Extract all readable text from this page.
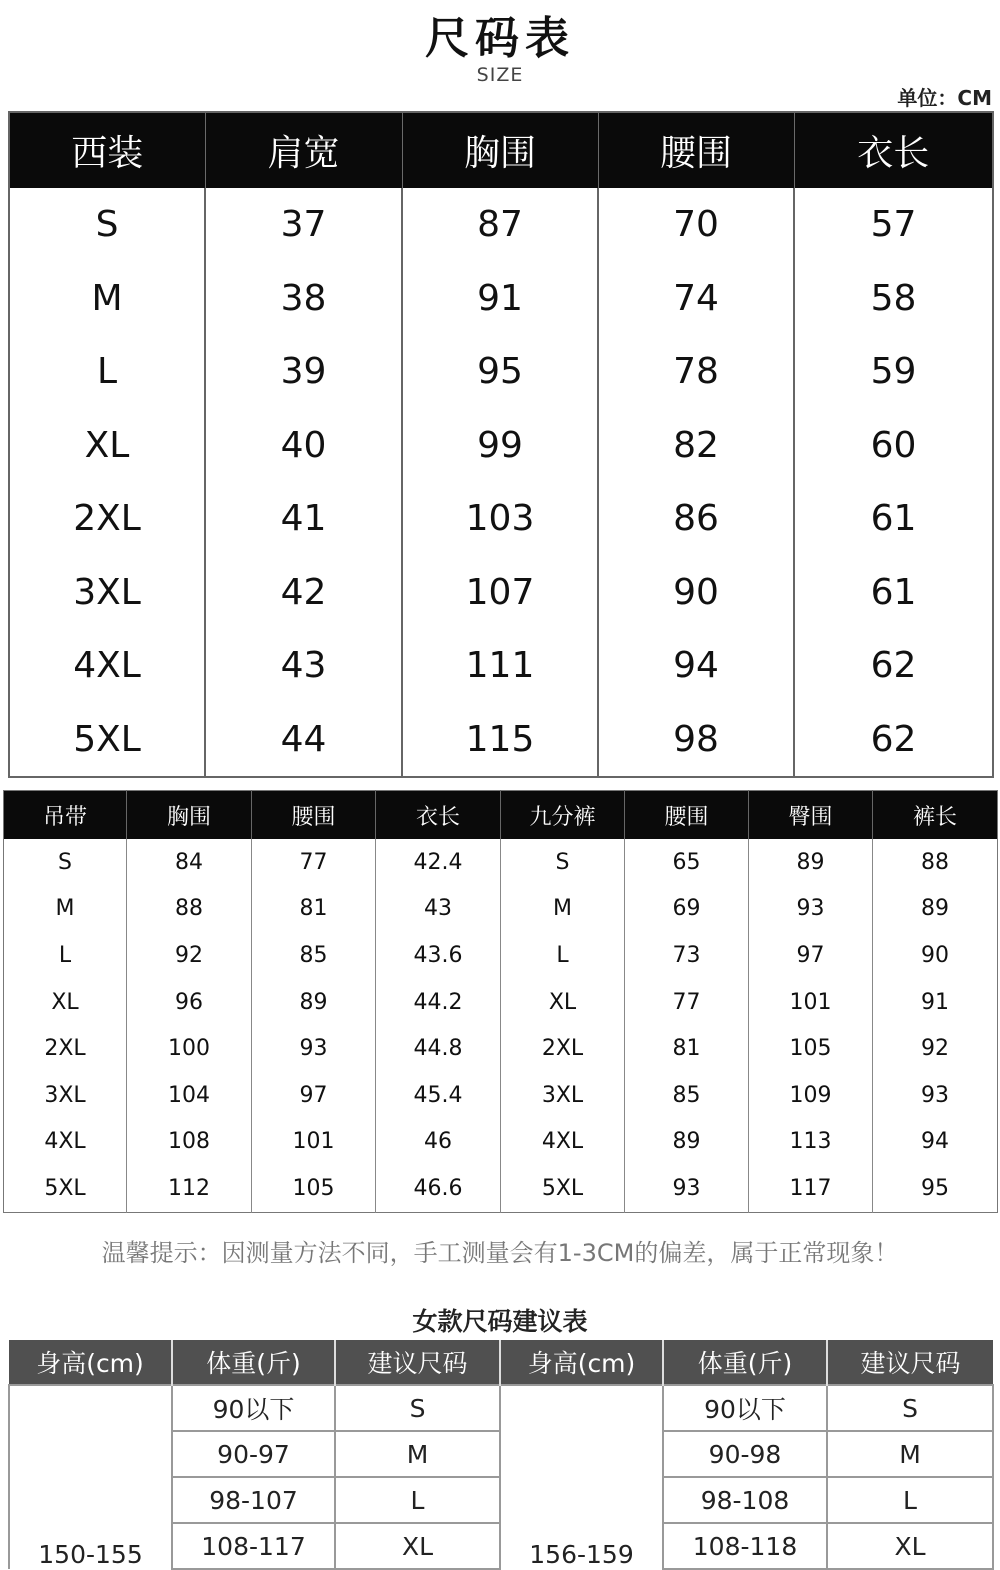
尺码表
SIZE
单位：CM
西装	肩宽	胸围	腰围	衣长
S	37	87	70	57
M	38	91	74	58
L	39	95	78	59
XL	40	99	82	60
2XL	41	103	86	61
3XL	42	107	90	61
4XL	43	111	94	62
5XL	44	115	98	62
吊带	胸围	腰围	衣长	九分裤	腰围	臀围	裤长
S	84	77	42.4	S	65	89	88
M	88	81	43	M	69	93	89
L	92	85	43.6	L	73	97	90
XL	96	89	44.2	XL	77	101	91
2XL	100	93	44.8	2XL	81	105	92
3XL	104	97	45.4	3XL	85	109	93
4XL	108	101	46	4XL	89	113	94
5XL	112	105	46.6	5XL	93	117	95
温馨提示：因测量方法不同，手工测量会有1-3CM的偏差，属于正常现象！
女款尺码建议表
身高(cm)	体重(斤)	建议尺码	身高(cm)	体重(斤)	建议尺码
150-155	90以下	S	156-159	90以下	S
	90-97	M		90-98	M
	98-107	L		98-108	L
	108-117	XL		108-118	XL
